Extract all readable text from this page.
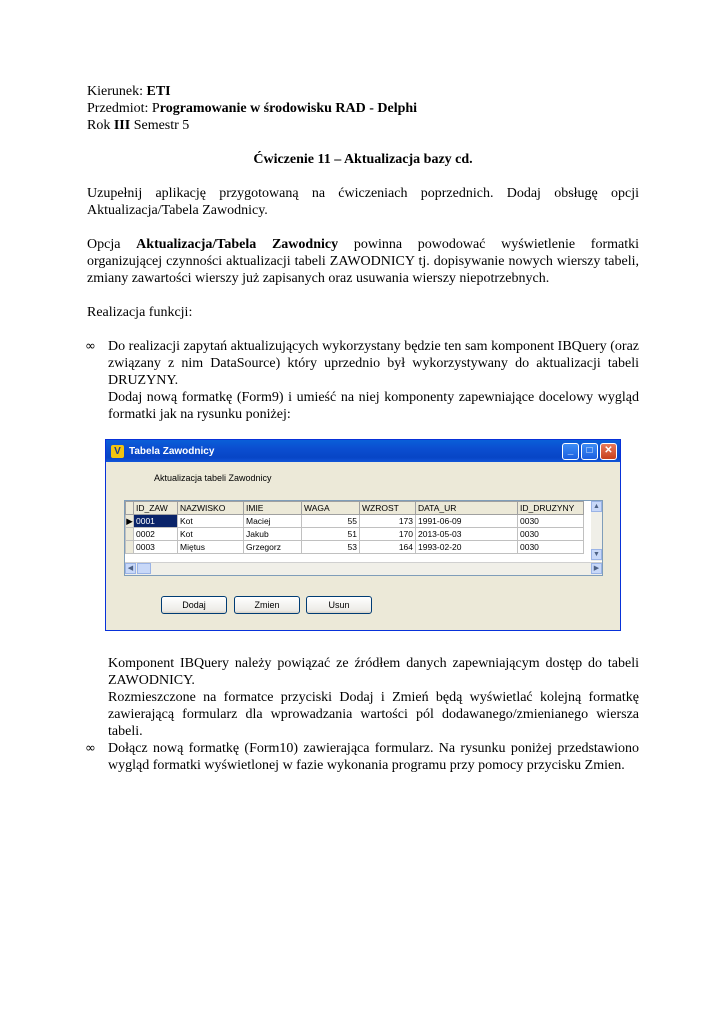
Kierunek: ETI

Przedmiot: Programowanie w środowisku RAD - Delphi

Rok III Semestr 5

Ćwiczenie 11 – Aktualizacja bazy cd.

Uzupełnij aplikację przygotowaną na ćwiczeniach poprzednich. Dodaj obsługę opcji Aktualizacja/Tabela Zawodnicy.

Opcja Aktualizacja/Tabela Zawodnicy powinna powodować wyświetlenie formatki organizującej czynności aktualizacji tabeli ZAWODNICY tj. dopisywanie nowych wierszy tabeli, zmiany zawartości wierszy już zapisanych oraz usuwania wierszy niepotrzebnych.

Realizacja funkcji:

∞ Do realizacji zapytań aktualizujących wykorzystany będzie ten sam komponent IBQuery (oraz związany z nim DataSource) który uprzednio był wykorzystywany do aktualizacji tabeli DRUZYNY.

Dodaj nową formatkę (Form9) i umieść na niej komponenty zapewniające docelowy wygląd formatki jak na rysunku poniżej:

V Tabela Zawodnicy	_	□	✕
Aktualizacja tabeli Zawodnicy
	ID_ZAW	NAZWISKO	IMIE	WAGA	WZROST	DATA_UR	ID_DRUZYNY
▶	0001	Kot	Maciej	55	173	1991-06-09	0030
	0002	Kot	Jakub	51	170	2013-05-03	0030
	0003	Miętus	Grzegorz	53	164	1993-02-20	0030
▲
▼
◀	▶
Dodaj	Zmien	Usun

Komponent IBQuery należy powiązać ze źródłem danych zapewniającym dostęp do tabeli ZAWODNICY.

Rozmieszczone na formatce przyciski Dodaj i Zmień będą wyświetlać kolejną formatkę zawierającą formularz dla wprowadzania wartości pól dodawanego/zmienianego wiersza tabeli.

∞ Dołącz nową formatkę (Form10) zawierająca formularz. Na rysunku poniżej przedstawiono wygląd formatki wyświetlonej w fazie wykonania programu przy pomocy przycisku Zmien.
